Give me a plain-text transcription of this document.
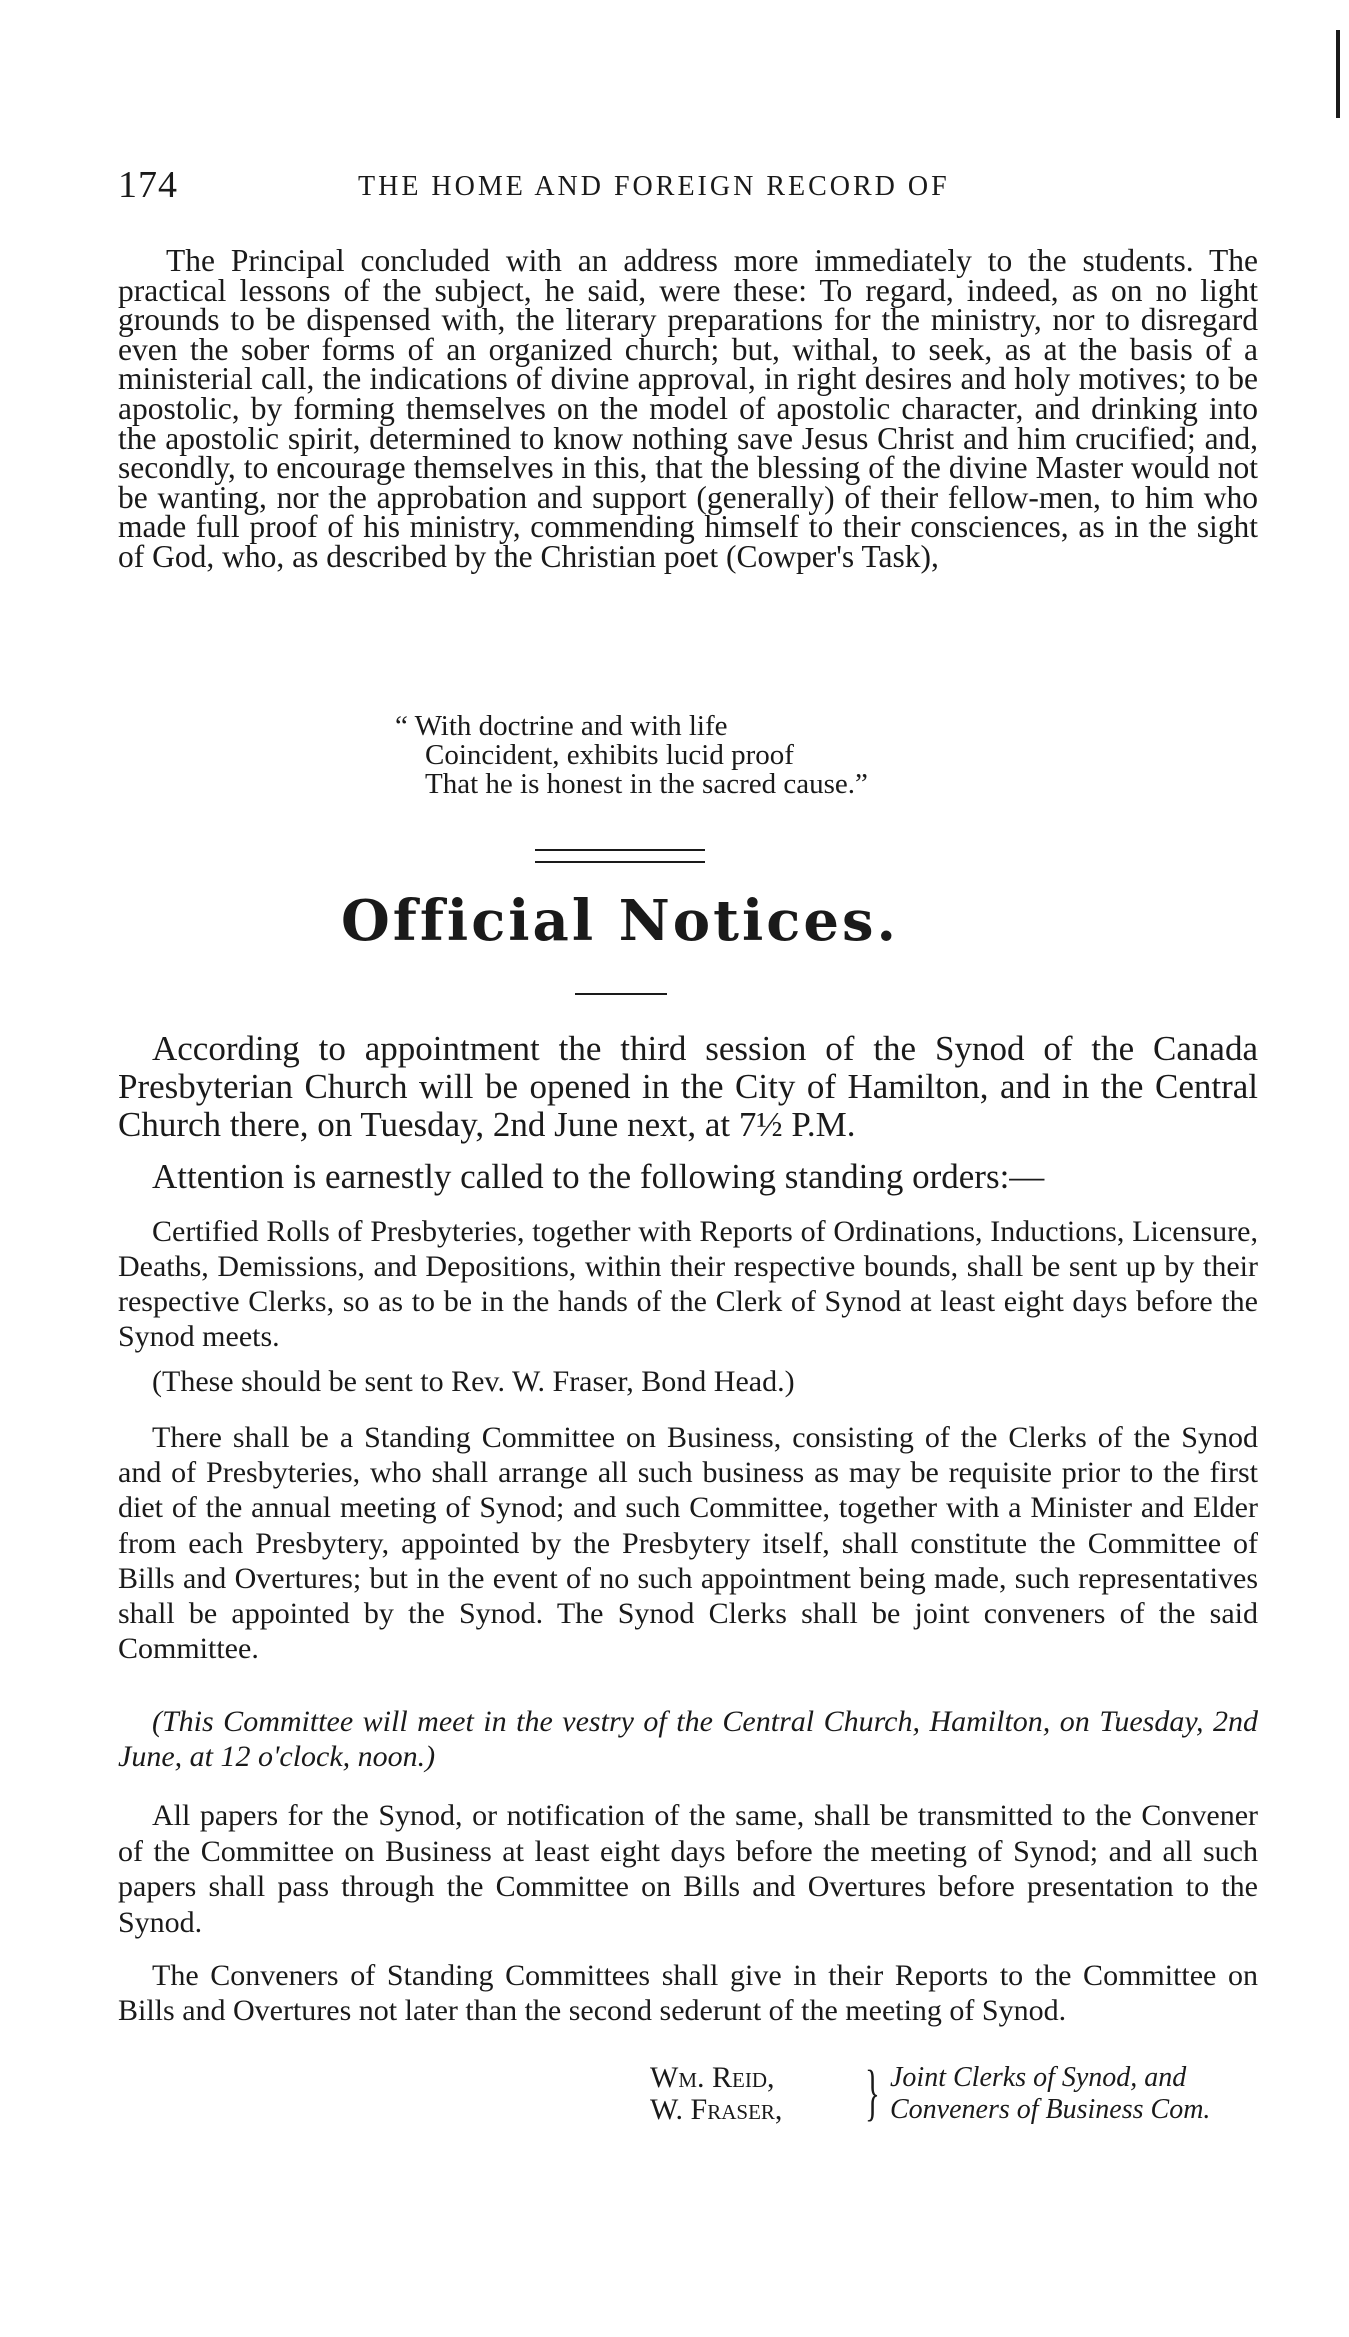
174	THE HOME AND FOREIGN RECORD OF

The Principal concluded with an address more immediately to the students. The practical lessons of the subject, he said, were these: To regard, indeed, as on no light grounds to be dispensed with, the literary preparations for the ministry, nor to disregard even the sober forms of an organized church; but, withal, to seek, as at the basis of a ministerial call, the indications of divine approval, in right desires and holy motives; to be apostolic, by forming themselves on the model of apostolic character, and drinking into the apostolic spirit, determined to know nothing save Jesus Christ and him crucified; and, secondly, to encourage themselves in this, that the blessing of the divine Master would not be wanting, nor the approbation and support (generally) of their fellow-men, to him who made full proof of his ministry, commending himself to their consciences, as in the sight of God, who, as described by the Christian poet (Cowper's Task),

“ With doctrine and with life
Coincident, exhibits lucid proof
That he is honest in the sacred cause.”
Official Notices.

According to appointment the third session of the Synod of the Canada Presbyterian Church will be opened in the City of Hamilton, and in the Central Church there, on Tuesday, 2nd June next, at 7½ P.M.

Attention is earnestly called to the following standing orders:—

Certified Rolls of Presbyteries, together with Reports of Ordinations, Inductions, Licensure, Deaths, Demissions, and Depositions, within their respective bounds, shall be sent up by their respective Clerks, so as to be in the hands of the Clerk of Synod at least eight days before the Synod meets.

(These should be sent to Rev. W. Fraser, Bond Head.)

There shall be a Standing Committee on Business, consisting of the Clerks of the Synod and of Presbyteries, who shall arrange all such business as may be requisite prior to the first diet of the annual meeting of Synod; and such Committee, together with a Minister and Elder from each Presbytery, appointed by the Presbytery itself, shall constitute the Committee of Bills and Overtures; but in the event of no such appointment being made, such representatives shall be appointed by the Synod. The Synod Clerks shall be joint conveners of the said Committee.

(This Committee will meet in the vestry of the Central Church, Hamilton, on Tuesday, 2nd June, at 12 o'clock, noon.)

All papers for the Synod, or notification of the same, shall be transmitted to the Convener of the Committee on Business at least eight days before the meeting of Synod; and all such papers shall pass through the Committee on Bills and Overtures before presentation to the Synod.

The Conveners of Standing Committees shall give in their Reports to the Committee on Bills and Overtures not later than the second sederunt of the meeting of Synod.

Wm. Reid,
W. Fraser, } Joint Clerks of Synod, and
Conveners of Business Com.
